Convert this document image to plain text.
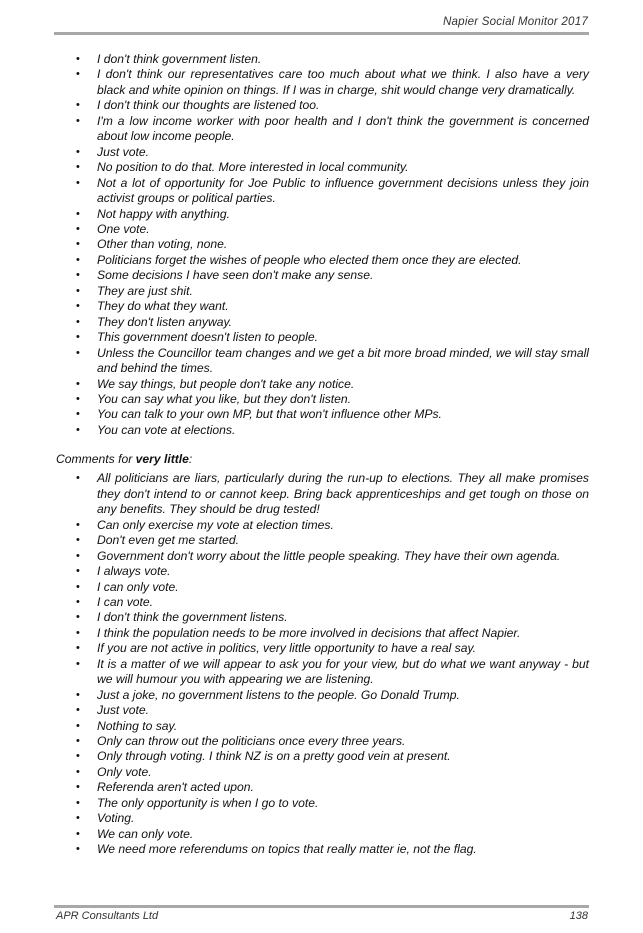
Napier Social Monitor 2017
• I don't think government listen.
• I don't think our representatives care too much about what we think. I also have a very black and white opinion on things. If I was in charge, shit would change very dramatically.
• I don't think our thoughts are listened too.
• I'm a low income worker with poor health and I don't think the government is concerned about low income people.
• Just vote.
• No position to do that. More interested in local community.
• Not a lot of opportunity for Joe Public to influence government decisions unless they join activist groups or political parties.
• Not happy with anything.
• One vote.
• Other than voting, none.
• Politicians forget the wishes of people who elected them once they are elected.
• Some decisions I have seen don't make any sense.
• They are just shit.
• They do what they want.
• They don't listen anyway.
• This government doesn't listen to people.
• Unless the Councillor team changes and we get a bit more broad minded, we will stay small and behind the times.
• We say things, but people don't take any notice.
• You can say what you like, but they don't listen.
• You can talk to your own MP, but that won't influence other MPs.
• You can vote at elections.
Comments for very little:
• All politicians are liars, particularly during the run-up to elections. They all make promises they don't intend to or cannot keep. Bring back apprenticeships and get tough on those on any benefits. They should be drug tested!
• Can only exercise my vote at election times.
• Don't even get me started.
• Government don't worry about the little people speaking. They have their own agenda.
• I always vote.
• I can only vote.
• I can vote.
• I don't think the government listens.
• I think the population needs to be more involved in decisions that affect Napier.
• If you are not active in politics, very little opportunity to have a real say.
• It is a matter of we will appear to ask you for your view, but do what we want anyway - but we will humour you with appearing we are listening.
• Just a joke, no government listens to the people. Go Donald Trump.
• Just vote.
• Nothing to say.
• Only can throw out the politicians once every three years.
• Only through voting. I think NZ is on a pretty good vein at present.
• Only vote.
• Referenda aren't acted upon.
• The only opportunity is when I go to vote.
• Voting.
• We can only vote.
• We need more referendums on topics that really matter ie, not the flag.
APR Consultants Ltd	138
